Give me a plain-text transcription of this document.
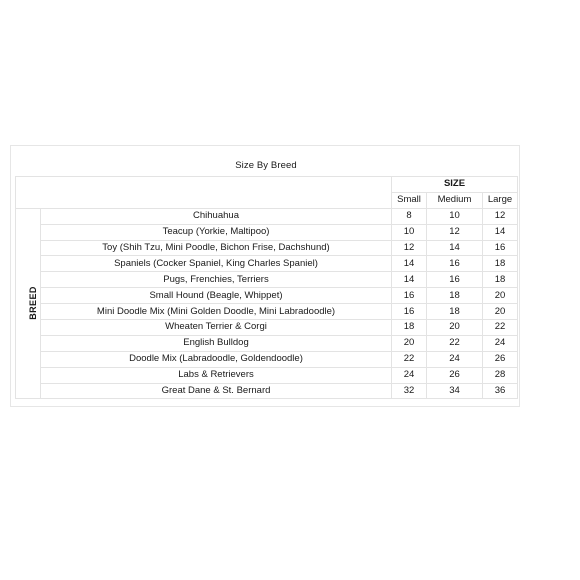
Size By Breed
		SIZE		
		Small	Medium	Large
BREED	Chihuahua	8	10	12
	Teacup (Yorkie, Maltipoo)	10	12	14
	Toy (Shih Tzu, Mini Poodle, Bichon Frise, Dachshund)	12	14	16
	Spaniels (Cocker Spaniel, King Charles Spaniel)	14	16	18
	Pugs, Frenchies, Terriers	14	16	18
	Small Hound (Beagle, Whippet)	16	18	20
	Mini Doodle Mix (Mini Golden Doodle, Mini Labradoodle)	16	18	20
	Wheaten Terrier & Corgi	18	20	22
	English Bulldog	20	22	24
	Doodle Mix (Labradoodle, Goldendoodle)	22	24	26
	Labs & Retrievers	24	26	28
	Great Dane & St. Bernard	32	34	36
